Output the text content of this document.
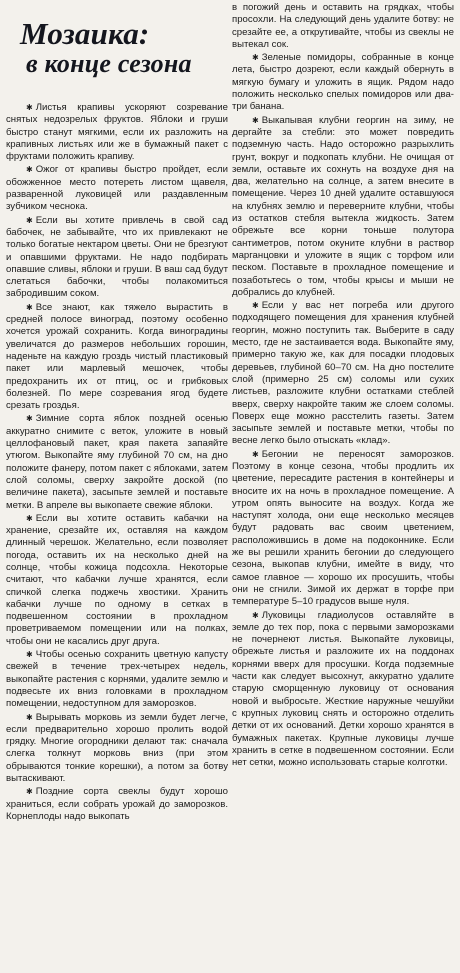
Мозаика:
в конце сезона

✱ Листья крапивы ускоряют созревание снятых недозрелых фруктов. Яблоки и груши быстро станут мягкими, если их разложить на крапивных листьях или же в бумажный пакет с фруктами положить крапиву.

✱ Ожог от крапивы быстро пройдет, если обожженное место потереть листом щавеля, разваренной луковицей или раздавленным зубчиком чеснока.

✱ Если вы хотите привлечь в свой сад бабочек, не забывайте, что их привлекают не только богатые нектаром цветы. Они не брезгуют и опавшими фруктами. Не надо подбирать опавшие сливы, яблоки и груши. В ваш сад будут слетаться бабочки, чтобы полакомиться забродившим соком.

✱ Все знают, как тяжело вырастить в средней полосе виноград, поэтому особенно хочется урожай сохранить. Когда виноградины увеличатся до размеров небольших горошин, наденьте на каждую гроздь чистый пластиковый пакет или марлевый мешочек, чтобы предохранить их от птиц, ос и грибковых болезней. По мере созревания ягод будете срезать гроздья.

✱ Зимние сорта яблок поздней осенью аккуратно снимите с веток, уложите в новый целлофановый пакет, края пакета запаяйте утюгом. Выкопайте яму глубиной 70 см, на дно положите фанеру, потом пакет с яблоками, затем слой соломы, сверху закройте доской (по величине пакета), засыпьте землей и поставьте метки. В апреле вы выкопаете свежие яблоки.

✱ Если вы хотите оставить кабачки на хранение, срезайте их, оставляя на каждом длинный черешок. Желательно, если позволяет погода, оставить их на несколько дней на солнце, чтобы кожица подсохла. Некоторые считают, что кабачки лучше хранятся, если спичкой слегка поджечь хвостики. Хранить кабачки лучше по одному в сетках в подвешенном состоянии в прохладном проветриваемом помещении или на полках, чтобы они не касались друг друга.

✱ Чтобы осенью сохранить цветную капусту свежей в течение трех-четырех недель, выкопайте растения с корнями, удалите землю и подвесьте их вниз головками в прохладном помещении, недоступном для заморозков.

✱ Вырывать морковь из земли будет легче, если предварительно хорошо пролить водой грядку. Многие огородники делают так: сначала слегка толкнут морковь вниз (при этом обрываются тонкие корешки), а потом за ботву вытаскивают.

✱ Поздние сорта свеклы будут хорошо храниться, если собрать урожай до заморозков. Корнеплоды надо выкопать

в погожий день и оставить на грядках, чтобы просохли. На следующий день удалите ботву: не срезайте ее, а открутивайте, чтобы из свеклы не вытекал сок.

✱ Зеленые помидоры, собранные в конце лета, быстро дозреют, если каждый обернуть в мягкую бумагу и уложить в ящик. Рядом надо положить несколько спелых помидоров или два-три банана.

✱ Выкапывая клубни георгин на зиму, не дергайте за стебли: это может повредить подземную часть. Надо осторожно разрыхлить грунт, вокруг и подкопать клубни. Не очищая от земли, оставьте их сохнуть на воздухе дня на два, желательно на солнце, а затем внесите в помещение. Через 10 дней удалите оставшуюся на клубнях землю и переверните клубни, чтобы из остатков стебля вытекла жидкость. Затем обрежьте все корни тоньше полутора сантиметров, потом окуните клубни в раствор марганцовки и уложите в ящик с торфом или песком. Поставьте в прохладное помещение и позаботьтесь о том, чтобы крысы и мыши не добрались до клубней.

✱ Если у вас нет погреба или другого подходящего помещения для хранения клубней георгин, можно поступить так. Выберите в саду место, где не застаивается вода. Выкопайте яму, примерно такую же, как для посадки плодовых деревьев, глубиной 60–70 см. На дно постелите слой (примерно 25 см) соломы или сухих листьев, разложите клубни остатками стеблей вверх, сверху накройте таким же слоем соломы. Поверх еще можно расстелить газеты. Затем засыпьте землей и поставьте метки, чтобы по весне легко было отыскать «клад».

✱ Бегонии не переносят заморозков. Поэтому в конце сезона, чтобы продлить их цветение, пересадите растения в контейнеры и вносите их на ночь в прохладное помещение. А утром опять выносите на воздух. Когда же наступят холода, они еще несколько месяцев будут радовать вас своим цветением, расположившись в доме на подоконнике. Если же вы решили хранить бегонии до следующего сезона, выкопав клубни, имейте в виду, что самое главное — хорошо их просушить, чтобы они не сгнили. Зимой их держат в торфе при температуре 5–10 градусов выше нуля.

✱ Луковицы гладиолусов оставляйте в земле до тех пор, пока с первыми заморозками не почернеют листья. Выкопайте луковицы, обрежьте листья и разложите их на поддонах корнями вверх для просушки. Когда подземные части как следует высохнут, аккуратно удалите старую сморщенную луковицу от основания новой и выбросьте. Жесткие наружные чешуйки с крупных луковиц снять и осторожно отделить детки от их оснований. Детки хорошо хранятся в бумажных пакетах. Крупные луковицы лучше хранить в сетке в подвешенном состоянии. Если нет сетки, можно использовать старые колготки.
